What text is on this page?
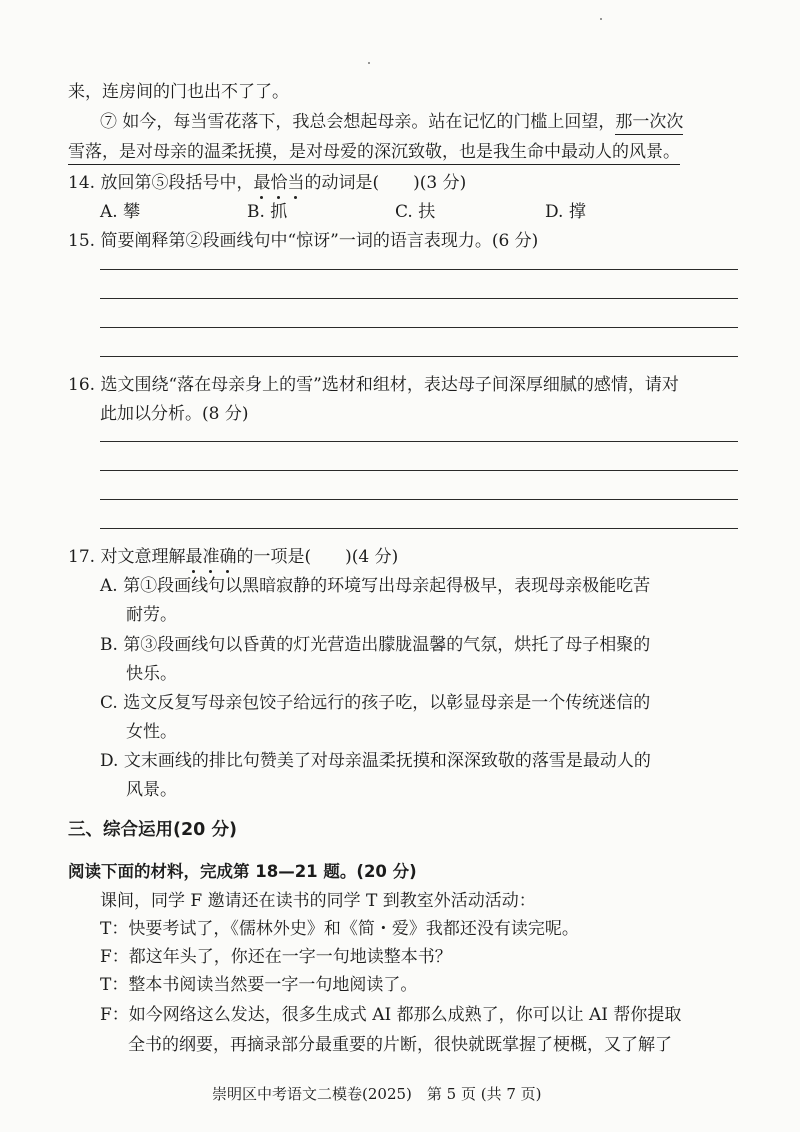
来，连房间的门也出不了了。
⑦ 如今，每当雪花落下，我总会想起母亲。站在记忆的门槛上回望，那一次次
雪落，是对母亲的温柔抚摸，是对母爱的深沉致敬，也是我生命中最动人的风景。
14. 放回第⑤段括号中，最恰当的动词是(　　)(3 分)
A. 攀	B. 抓	C. 扶	D. 撑
15. 简要阐释第②段画线句中“惊讶”一词的语言表现力。(6 分)
16. 选文围绕“落在母亲身上的雪”选材和组材，表达母子间深厚细腻的感情，请对
此加以分析。(8 分)
17. 对文意理解最准确的一项是(　　)(4 分)
A. 第①段画线句以黑暗寂静的环境写出母亲起得极早，表现母亲极能吃苦
耐劳。
B. 第③段画线句以昏黄的灯光营造出朦胧温馨的气氛，烘托了母子相聚的
快乐。
C. 选文反复写母亲包饺子给远行的孩子吃，以彰显母亲是一个传统迷信的
女性。
D. 文末画线的排比句赞美了对母亲温柔抚摸和深深致敬的落雪是最动人的
风景。
三、综合运用(20 分)
阅读下面的材料，完成第 18—21 题。(20 分)
课间，同学 F 邀请还在读书的同学 T 到教室外活动活动：
T：快要考试了，《儒林外史》和《简・爱》我都还没有读完呢。
F：都这年头了，你还在一字一句地读整本书？
T：整本书阅读当然要一字一句地阅读了。
F：如今网络这么发达，很多生成式 AI 都那么成熟了，你可以让 AI 帮你提取
全书的纲要，再摘录部分最重要的片断，很快就既掌握了梗概，又了解了
崇明区中考语文二模卷(2025)　第 5 页 (共 7 页)
